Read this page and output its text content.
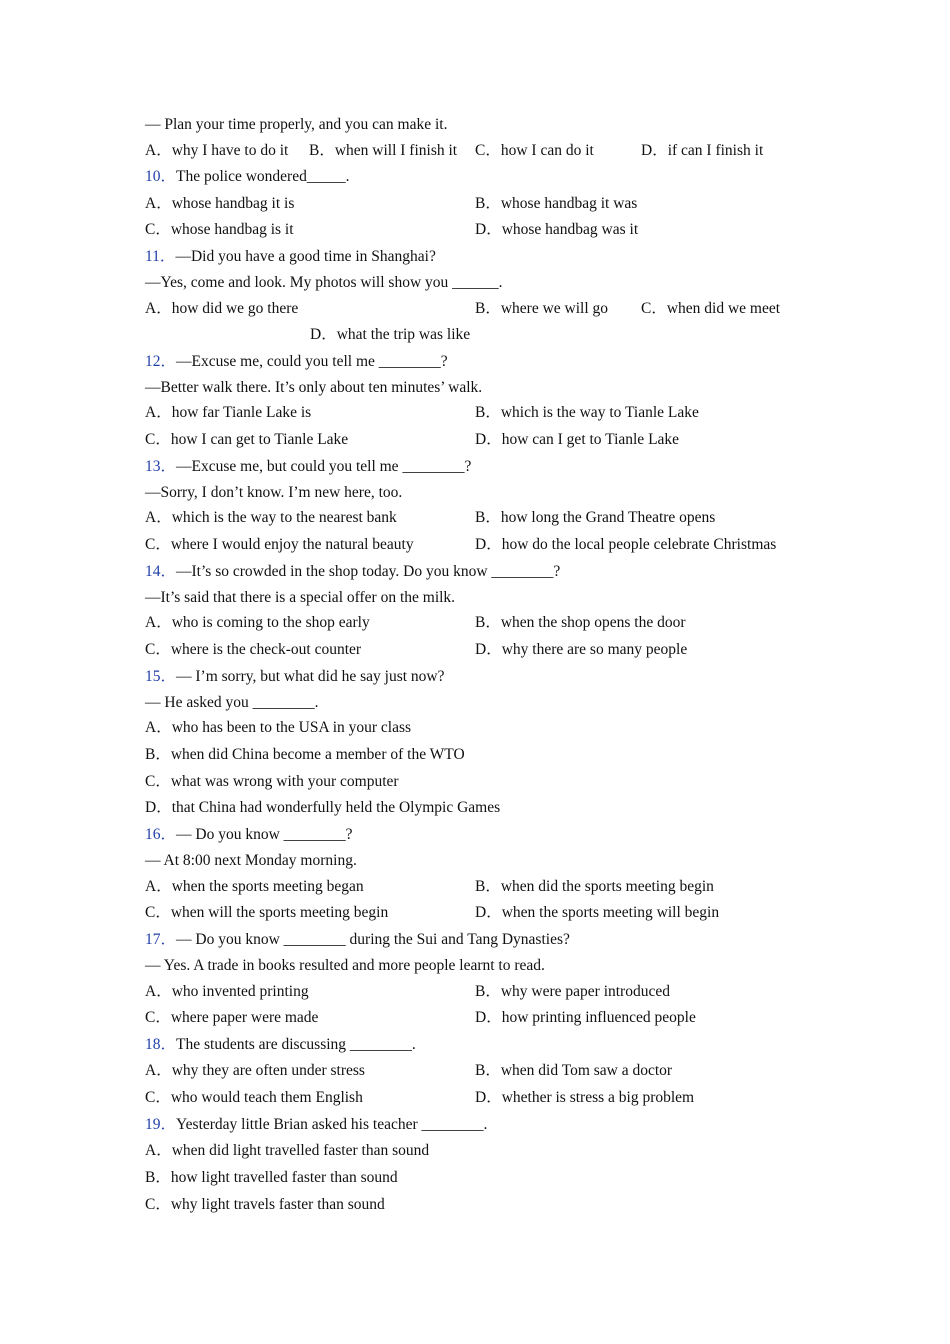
— Plan your time properly, and you can make it.
A．why I have to do it B．when will I finish it C．how I can do it	D．if can I finish it
10．The police wondered_____.
A．whose handbag it is	B．whose handbag it was
C．whose handbag is it	D．whose handbag was it
11．—Did you have a good time in Shanghai?
—Yes, come and look. My photos will show you ______.
A．how did we go there	B．where we will go C．when did we meet
D．what the trip was like
12．—Excuse me, could you tell me ________?
—Better walk there. It’s only about ten minutes’ walk.
A．how far Tianle Lake is	B．which is the way to Tianle Lake
C．how I can get to Tianle Lake	D．how can I get to Tianle Lake
13．—Excuse me, but could you tell me ________?
—Sorry, I don’t know. I’m new here, too.
A．which is the way to the nearest bank	B．how long the Grand Theatre opens
C．where I would enjoy the natural beauty	D．how do the local people celebrate Christmas
14．—It’s so crowded in the shop today. Do you know ________?
—It’s said that there is a special offer on the milk.
A．who is coming to the shop early	B．when the shop opens the door
C．where is the check-out counter	D．why there are so many people
15．— I’m sorry, but what did he say just now?
— He asked you ________.
A．who has been to the USA in your class
B．when did China become a member of the WTO
C．what was wrong with your computer
D．that China had wonderfully held the Olympic Games
16．— Do you know ________?
— At 8:00 next Monday morning.
A．when the sports meeting began	B．when did the sports meeting begin
C．when will the sports meeting begin	D．when the sports meeting will begin
17．— Do you know ________ during the Sui and Tang Dynasties?
— Yes. A trade in books resulted and more people learnt to read.
A．who invented printing	B．why were paper introduced
C．where paper were made	D．how printing influenced people
18．The students are discussing ________.
A．why they are often under stress	B．when did Tom saw a doctor
C．who would teach them English	D．whether is stress a big problem
19．Yesterday little Brian asked his teacher ________.
A．when did light travelled faster than sound
B．how light travelled faster than sound
C．why light travels faster than sound
